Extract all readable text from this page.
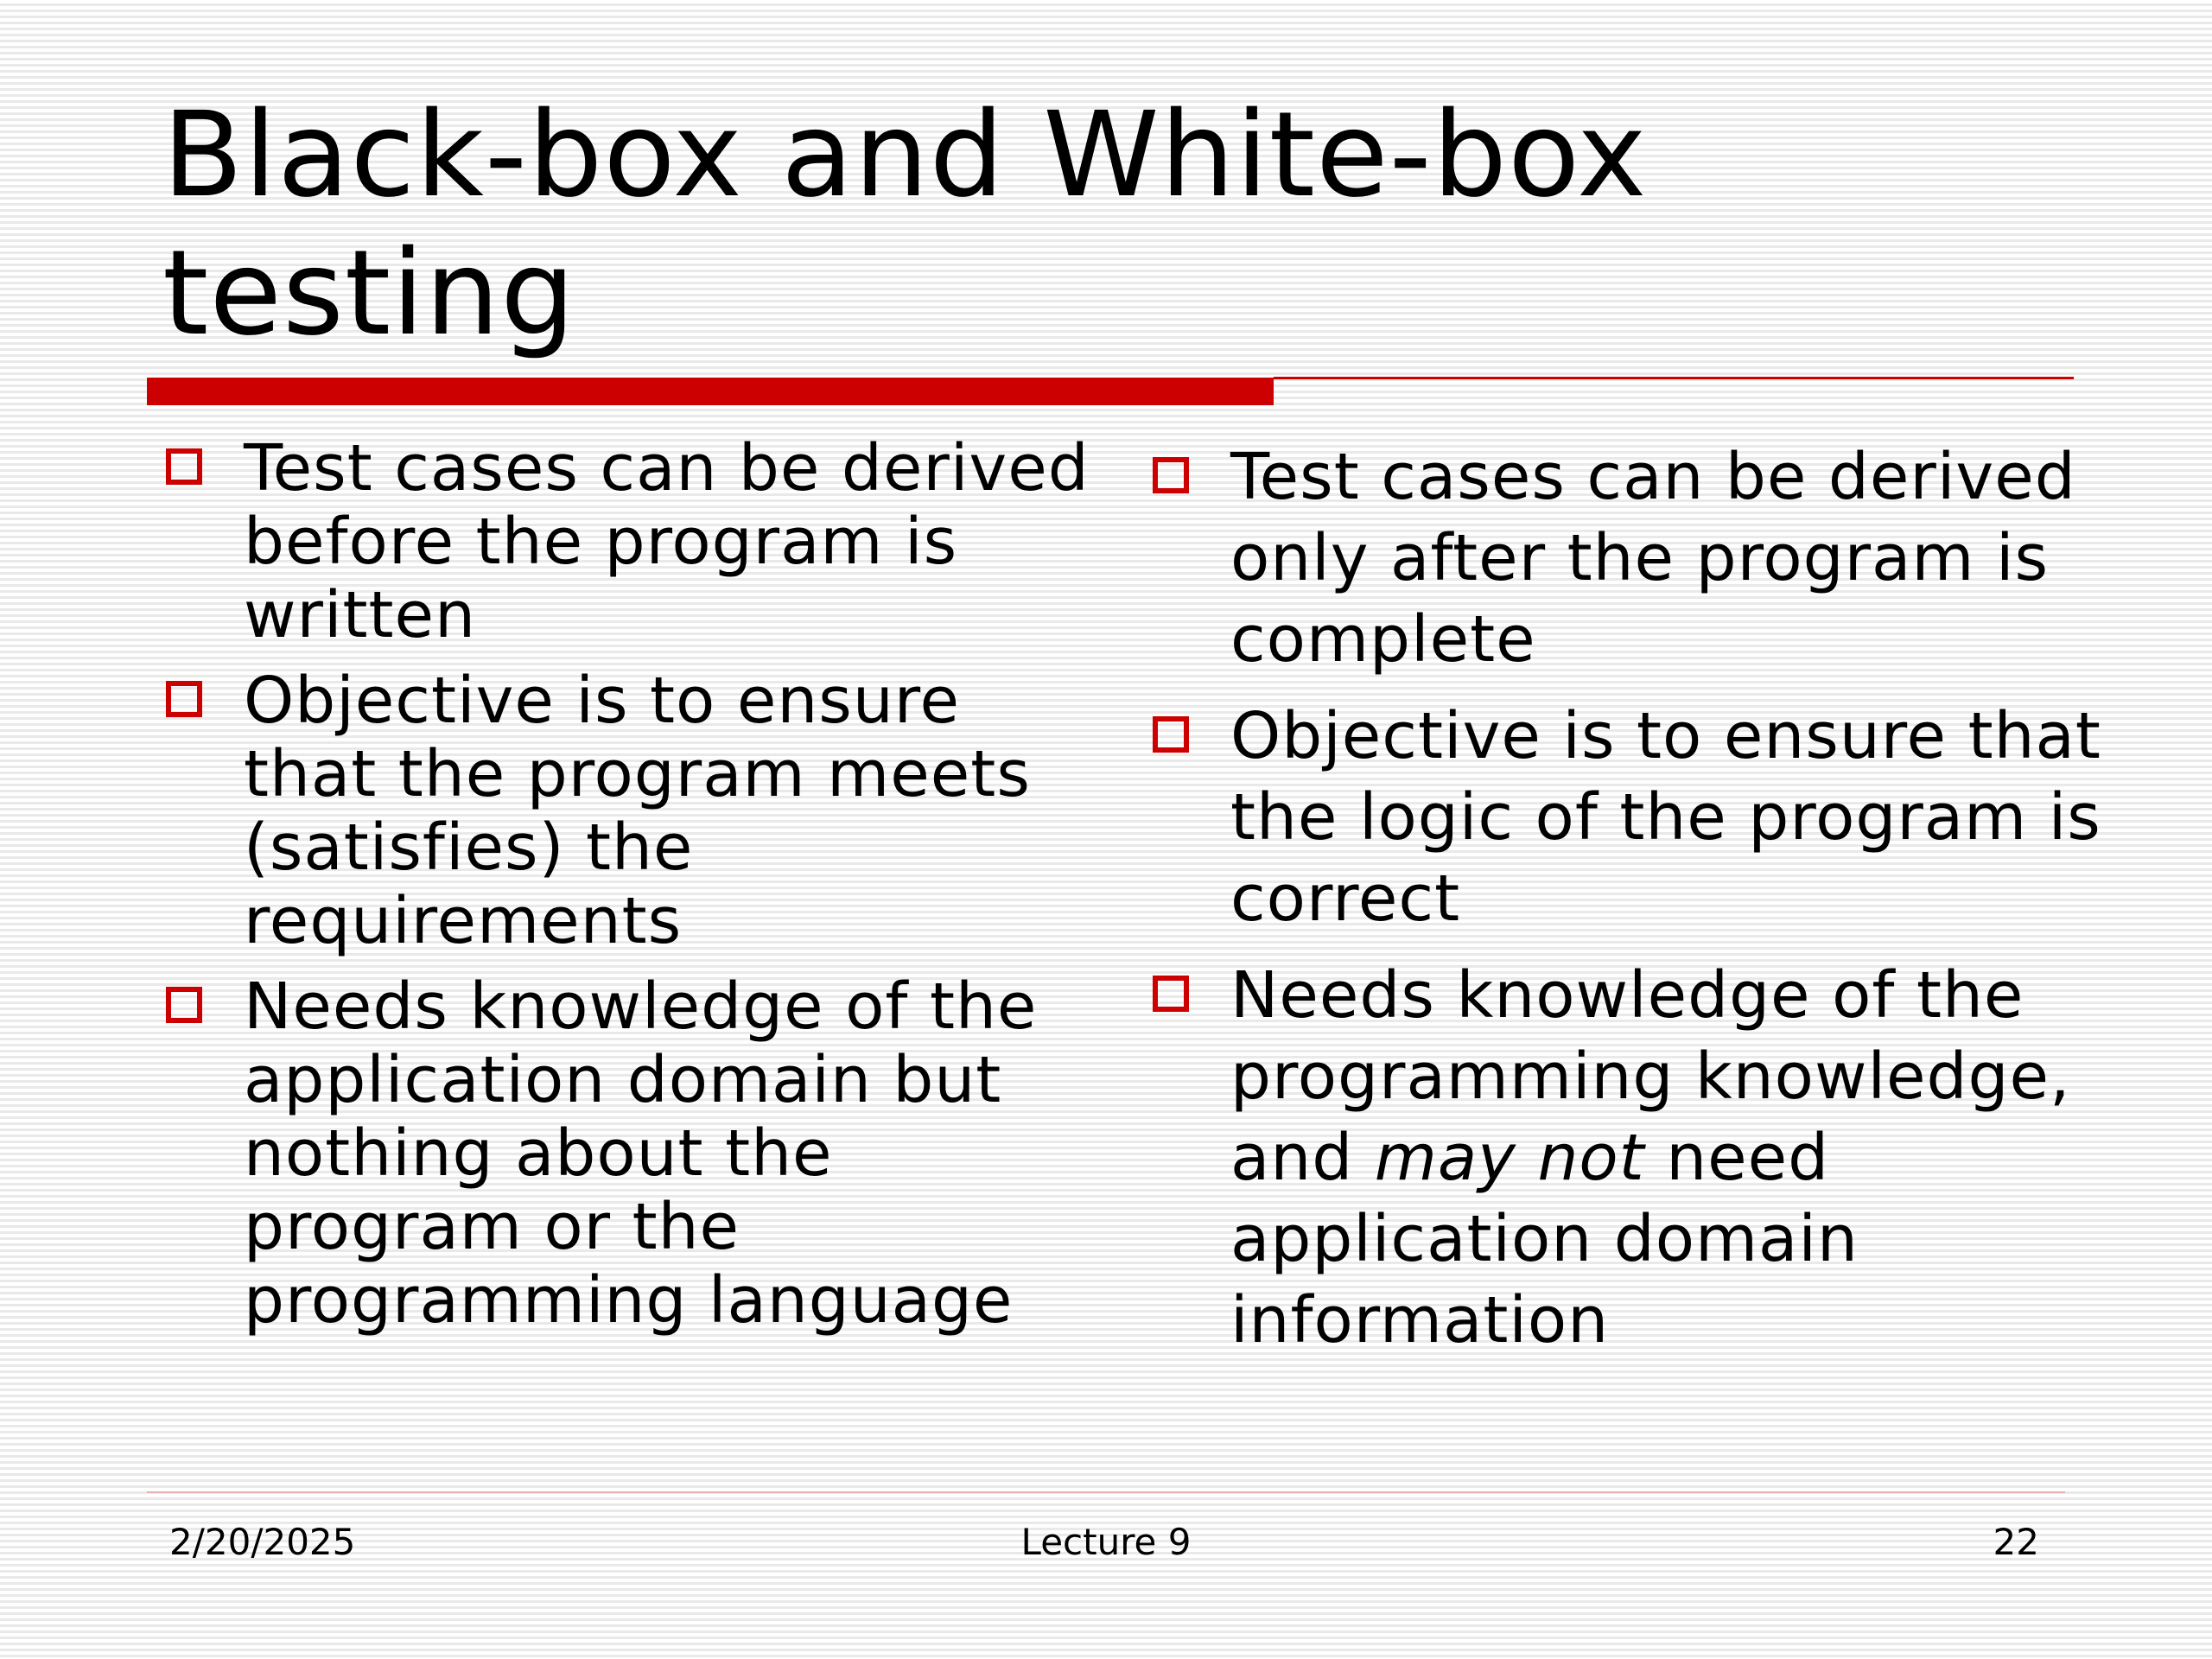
Black-box and White-box testing
Test cases can be derived before the program is written
Objective is to ensure that the program meets (satisfies) the requirements
Needs knowledge of the application domain but nothing about the program or the programming language
Test cases can be derived only after the program is complete
Objective is to ensure that the logic of the program is correct
Needs knowledge of the programming knowledge, and may not need application domain information
2/20/2025	Lecture 9	22
